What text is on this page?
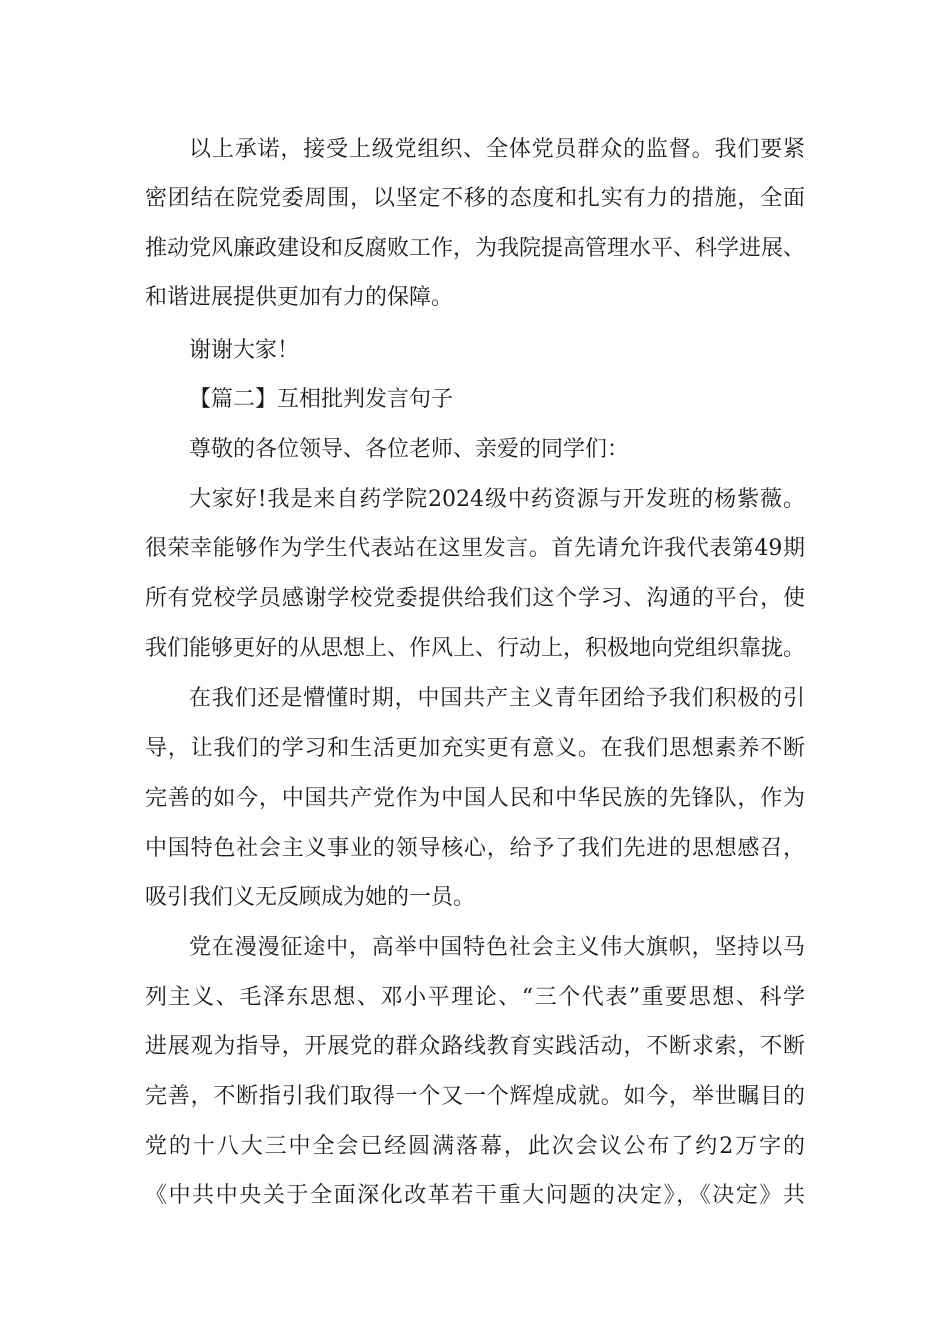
以上承诺，接受上级党组织、全体党员群众的监督。我们要紧
密团结在院党委周围，以坚定不移的态度和扎实有力的措施，全面
推动党风廉政建设和反腐败工作，为我院提高管理水平、科学进展、
和谐进展提供更加有力的保障。
谢谢大家！
【篇二】互相批判发言句子
尊敬的各位领导、各位老师、亲爱的同学们：
大家好!我是来自药学院2024级中药资源与开发班的杨紫薇。
很荣幸能够作为学生代表站在这里发言。首先请允许我代表第49期
所有党校学员感谢学校党委提供给我们这个学习、沟通的平台，使
我们能够更好的从思想上、作风上、行动上，积极地向党组织靠拢。
在我们还是懵懂时期，中国共产主义青年团给予我们积极的引
导，让我们的学习和生活更加充实更有意义。在我们思想素养不断
完善的如今，中国共产党作为中国人民和中华民族的先锋队，作为
中国特色社会主义事业的领导核心，给予了我们先进的思想感召，
吸引我们义无反顾成为她的一员。
党在漫漫征途中，高举中国特色社会主义伟大旗帜，坚持以马
列主义、毛泽东思想、邓小平理论、“三个代表”重要思想、科学
进展观为指导，开展党的群众路线教育实践活动，不断求索，不断
完善，不断指引我们取得一个又一个辉煌成就。如今，举世瞩目的
党的十八大三中全会已经圆满落幕，此次会议公布了约2万字的
《中共中央关于全面深化改革若干重大问题的决定》，《决定》共
